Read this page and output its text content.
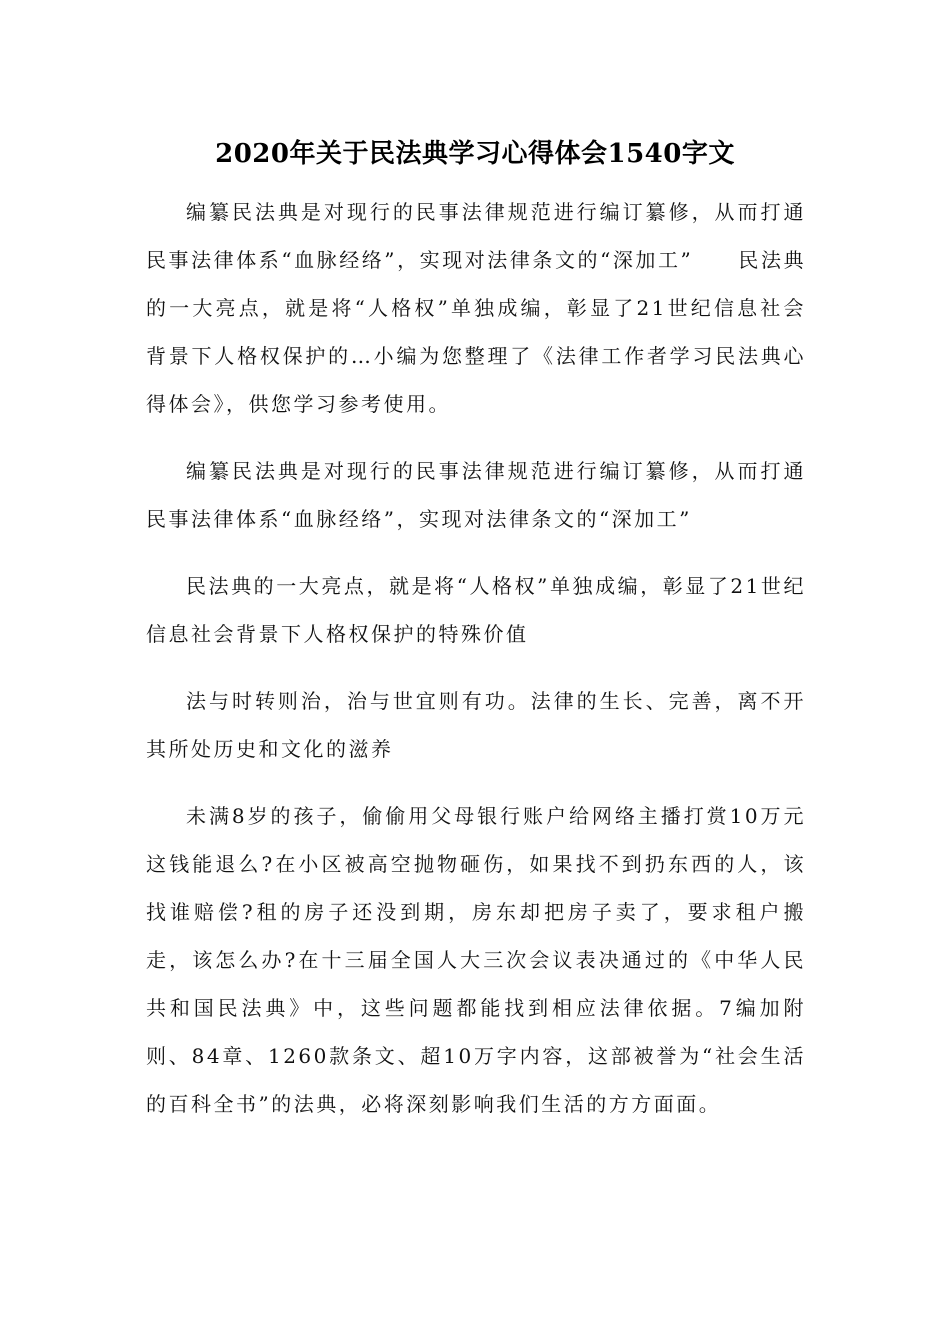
2020年关于民法典学习心得体会1540字文

编纂民法典是对现行的民事法律规范进行编订纂修，从而打通民事法律体系“血脉经络”，实现对法律条文的“深加工”　　民法典的一大亮点，就是将“人格权”单独成编，彰显了21世纪信息社会背景下人格权保护的…小编为您整理了《法律工作者学习民法典心得体会》，供您学习参考使用。

编纂民法典是对现行的民事法律规范进行编订纂修，从而打通民事法律体系“血脉经络”，实现对法律条文的“深加工”

民法典的一大亮点，就是将“人格权”单独成编，彰显了21世纪信息社会背景下人格权保护的特殊价值

法与时转则治，治与世宜则有功。法律的生长、完善，离不开其所处历史和文化的滋养

未满8岁的孩子，偷偷用父母银行账户给网络主播打赏10万元这钱能退么?在小区被高空抛物砸伤，如果找不到扔东西的人，该找谁赔偿?租的房子还没到期，房东却把房子卖了，要求租户搬走，该怎么办?在十三届全国人大三次会议表决通过的《中华人民共和国民法典》中，这些问题都能找到相应法律依据。7编加附则、84章、1260款条文、超10万字内容，这部被誉为“社会生活的百科全书”的法典，必将深刻影响我们生活的方方面面。
